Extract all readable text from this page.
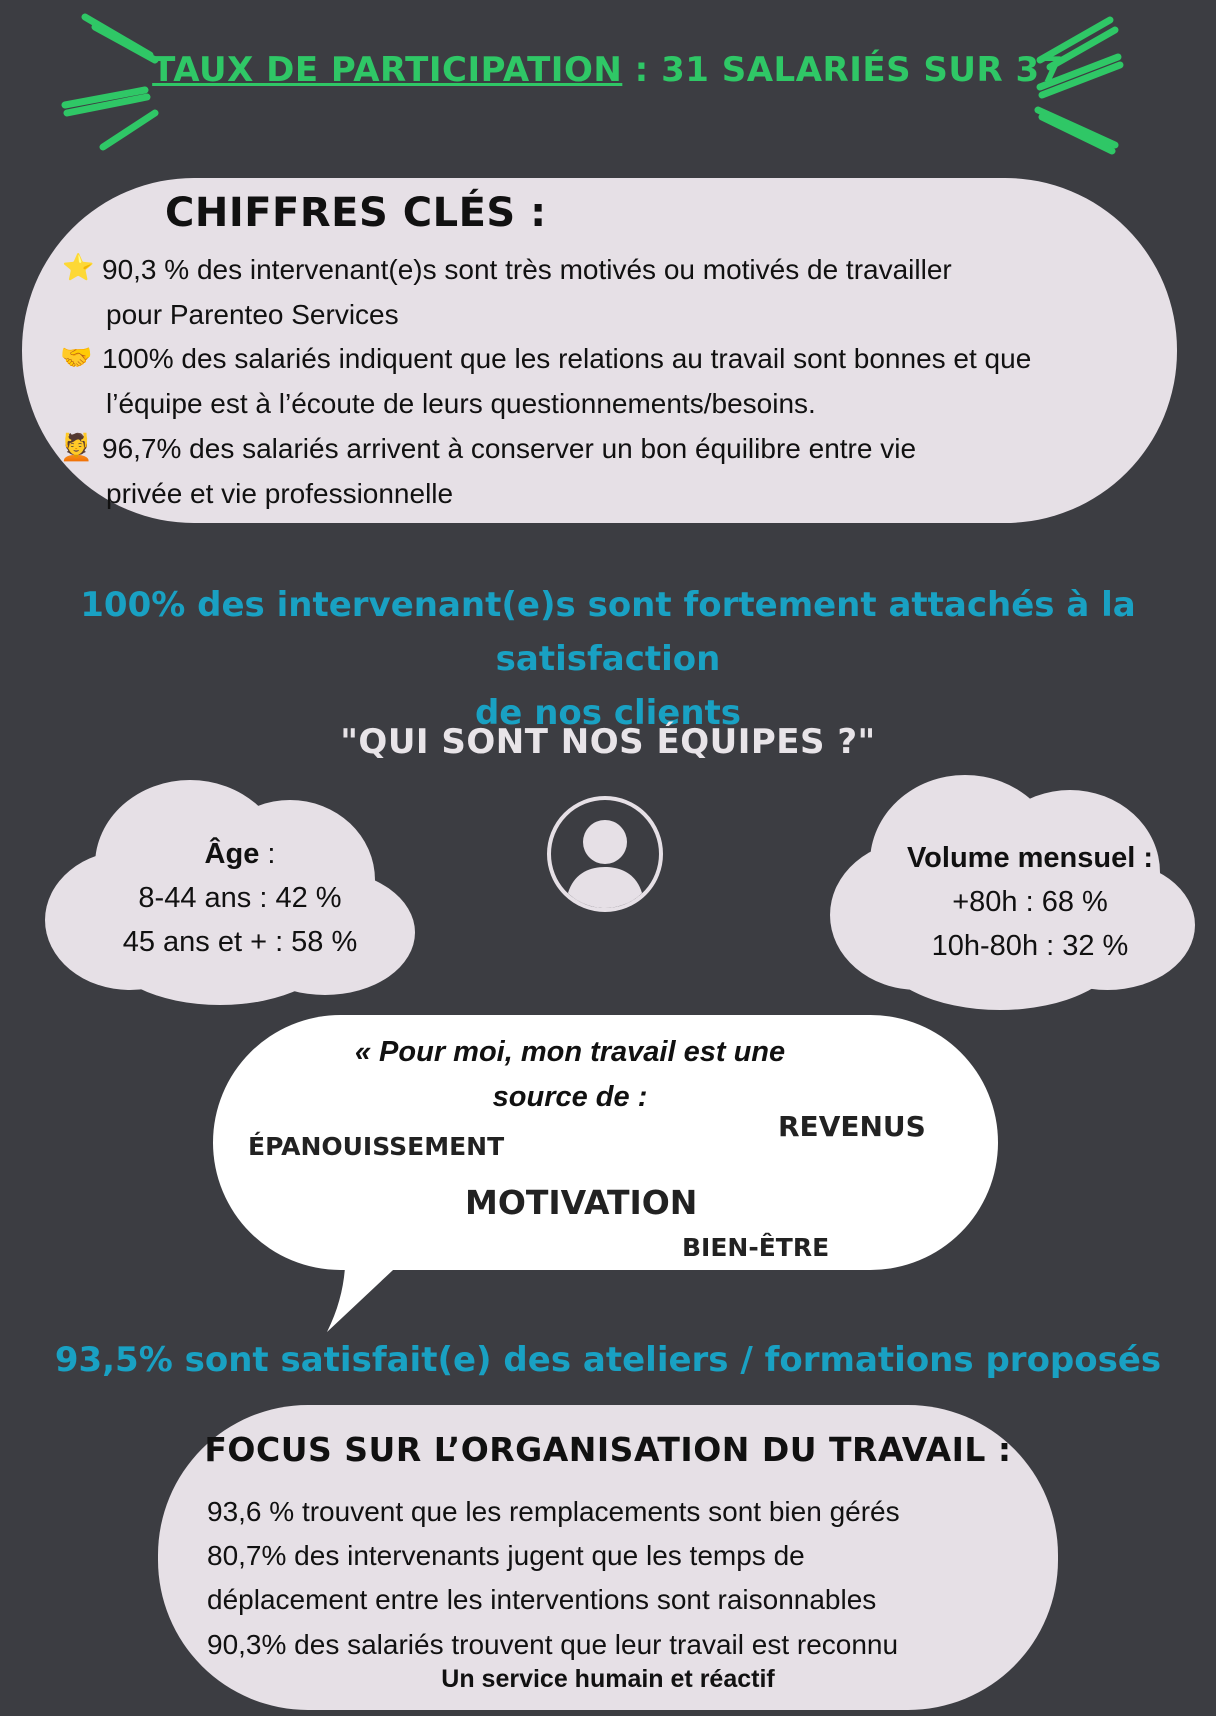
TAUX DE PARTICIPATION : 31 SALARIÉS SUR 37
CHIFFRES CLÉS :
⭐ 90,3 % des intervenant(e)s sont très motivés ou motivés de travailler
pour Parenteo Services
🤝 100% des salariés indiquent que les relations au travail sont bonnes et que
l’équipe est à l’écoute de leurs questionnements/besoins.
💆 96,7% des salariés arrivent à conserver un bon équilibre entre vie
privée et vie professionnelle
100% des intervenant(e)s sont fortement attachés à la satisfaction
de nos clients
"QUI SONT NOS ÉQUIPES ?"
Âge :
8-44 ans : 42 %
45 ans et + : 58 %
Volume mensuel :
+80h : 68 %
10h-80h : 32 %
« Pour moi, mon travail est une
source de :
ÉPANOUISSEMENT
REVENUS
MOTIVATION
BIEN-ÊTRE
93,5% sont satisfait(e) des ateliers / formations proposés
FOCUS SUR L’ORGANISATION DU TRAVAIL :
93,6 % trouvent que les remplacements sont bien gérés
80,7% des intervenants jugent que les temps de
déplacement entre les interventions sont raisonnables
90,3% des salariés trouvent que leur travail est reconnu
Un service humain et réactif
